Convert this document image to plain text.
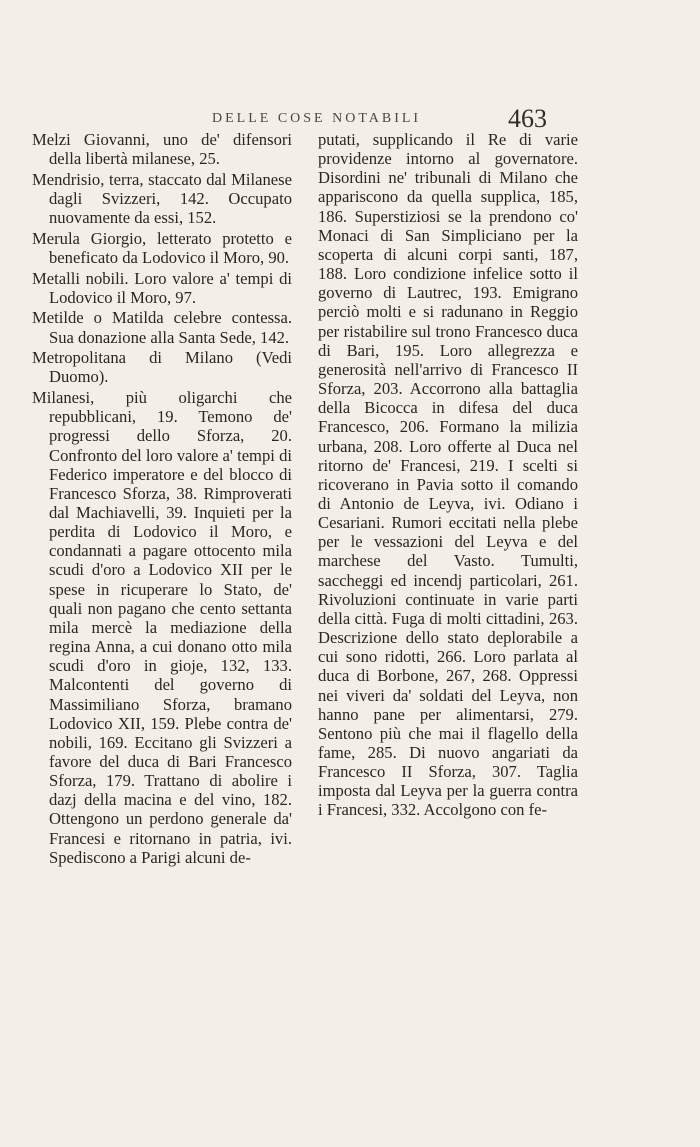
DELLE COSE NOTABILI	463

Melzi Giovanni, uno de' difensori della libertà milanese, 25.

Mendrisio, terra, staccato dal Milanese dagli Svizzeri, 142. Occupato nuovamente da essi, 152.

Merula Giorgio, letterato protetto e beneficato da Lodovico il Moro, 90.

Metalli nobili. Loro valore a' tempi di Lodovico il Moro, 97.

Metilde o Matilda celebre contessa. Sua donazione alla Santa Sede, 142.

Metropolitana di Milano (Vedi Duomo).

Milanesi, più oligarchi che repubblicani, 19. Temono de' progressi dello Sforza, 20. Confronto del loro valore a' tempi di Federico imperatore e del blocco di Francesco Sforza, 38. Rimproverati dal Machiavelli, 39. Inquieti per la perdita di Lodovico il Moro, e condannati a pagare ottocento mila scudi d'oro a Lodovico XII per le spese in ricuperare lo Stato, de' quali non pagano che cento settanta mila mercè la mediazione della regina Anna, a cui donano otto mila scudi d'oro in gioje, 132, 133. Malcontenti del governo di Massimiliano Sforza, bramano Lodovico XII, 159. Plebe contra de' nobili, 169. Eccitano gli Svizzeri a favore del duca di Bari Francesco Sforza, 179. Trattano di abolire i dazj della macina e del vino, 182. Ottengono un perdono generale da' Francesi e ritornano in patria, ivi. Spediscono a Parigi alcuni de-

putati, supplicando il Re di varie providenze intorno al governatore. Disordini ne' tribunali di Milano che appariscono da quella supplica, 185, 186. Superstiziosi se la prendono co' Monaci di San Simpliciano per la scoperta di alcuni corpi santi, 187, 188. Loro condizione infelice sotto il governo di Lautrec, 193. Emigrano perciò molti e si radunano in Reggio per ristabilire sul trono Francesco duca di Bari, 195. Loro allegrezza e generosità nell'arrivo di Francesco II Sforza, 203. Accorrono alla battaglia della Bicocca in difesa del duca Francesco, 206. Formano la milizia urbana, 208. Loro offerte al Duca nel ritorno de' Francesi, 219. I scelti si ricoverano in Pavia sotto il comando di Antonio de Leyva, ivi. Odiano i Cesariani. Rumori eccitati nella plebe per le vessazioni del Leyva e del marchese del Vasto. Tumulti, saccheggi ed incendj particolari, 261. Rivoluzioni continuate in varie parti della città. Fuga di molti cittadini, 263. Descrizione dello stato deplorabile a cui sono ridotti, 266. Loro parlata al duca di Borbone, 267, 268. Oppressi nei viveri da' soldati del Leyva, non hanno pane per alimentarsi, 279. Sentono più che mai il flagello della fame, 285. Di nuovo angariati da Francesco II Sforza, 307. Taglia imposta dal Leyva per la guerra contra i Francesi, 332. Accolgono con fe-
